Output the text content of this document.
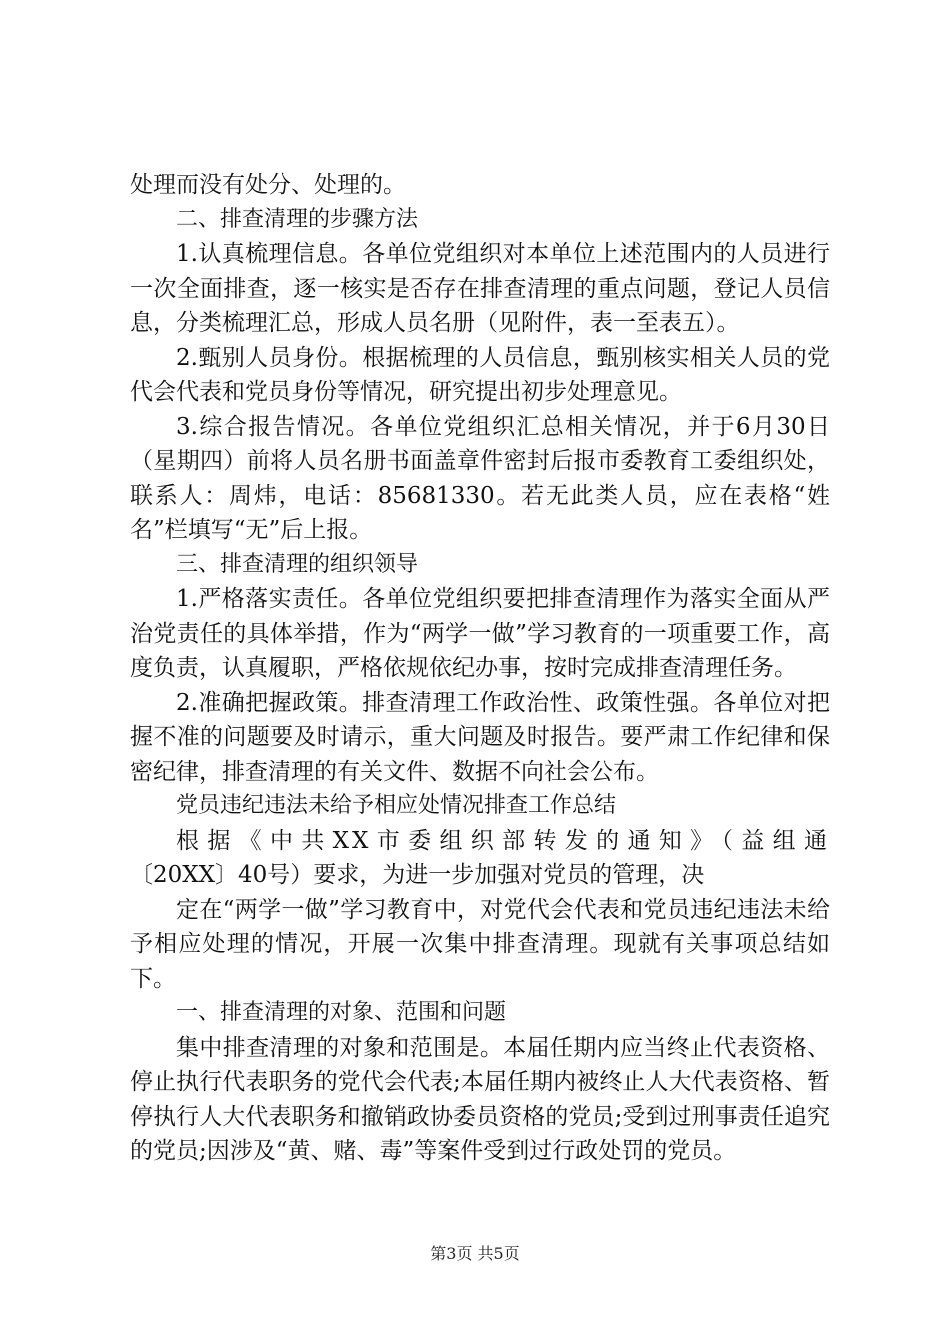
处理而没有处分、处理的。

二、排查清理的步骤方法

1.认真梳理信息。各单位党组织对本单位上述范围内的人员进行一次全面排查，逐一核实是否存在排查清理的重点问题，登记人员信息，分类梳理汇总，形成人员名册（见附件，表一至表五）。

2.甄别人员身份。根据梳理的人员信息，甄别核实相关人员的党代会代表和党员身份等情况，研究提出初步处理意见。

3.综合报告情况。各单位党组织汇总相关情况，并于6月30日（星期四）前将人员名册书面盖章件密封后报市委教育工委组织处，联系人：周炜，电话：85681330。若无此类人员，应在表格“姓名”栏填写“无”后上报。

三、排查清理的组织领导

1.严格落实责任。各单位党组织要把排查清理作为落实全面从严治党责任的具体举措，作为“两学一做”学习教育的一项重要工作，高度负责，认真履职，严格依规依纪办事，按时完成排查清理任务。

2.准确把握政策。排查清理工作政治性、政策性强。各单位对把握不准的问题要及时请示，重大问题及时报告。要严肃工作纪律和保密纪律，排查清理的有关文件、数据不向社会公布。

党员违纪违法未给予相应处情况排查工作总结

根据《中共XX市委组织部转发的通知》（益组通

〔20XX〕40号）要求，为进一步加强对党员的管理，决

定在“两学一做”学习教育中，对党代会代表和党员违纪违法未给予相应处理的情况，开展一次集中排查清理。现就有关事项总结如下。

一、排查清理的对象、范围和问题

集中排查清理的对象和范围是。本届任期内应当终止代表资格、停止执行代表职务的党代会代表;本届任期内被终止人大代表资格、暂停执行人大代表职务和撤销政协委员资格的党员;受到过刑事责任追究的党员;因涉及“黄、赌、毒”等案件受到过行政处罚的党员。

第3页 共5页
